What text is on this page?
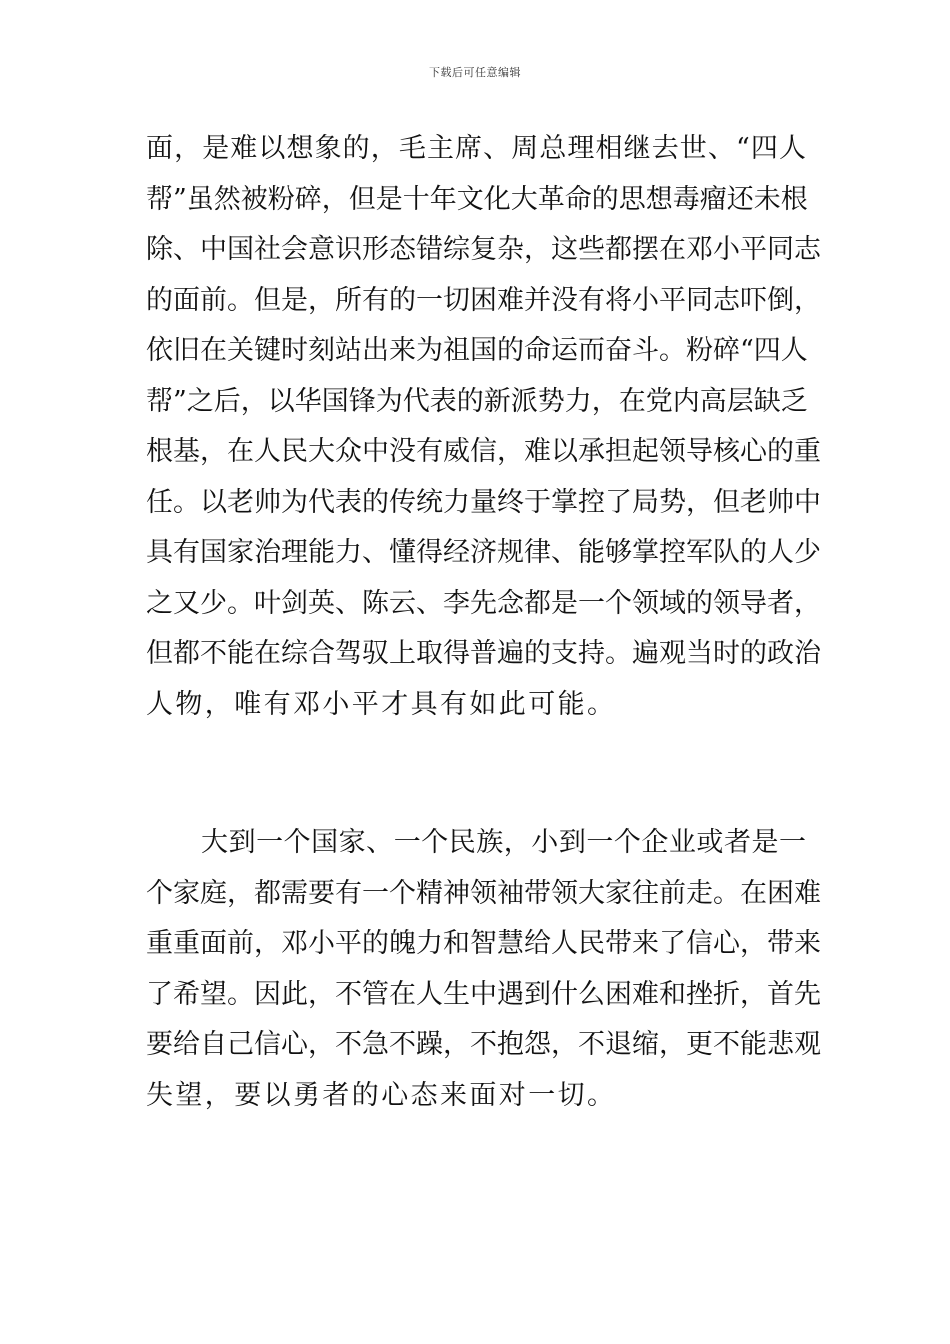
下载后可任意编辑
面，是难以想象的，毛主席、周总理相继去世、“四人
帮”虽然被粉碎，但是十年文化大革命的思想毒瘤还未根
除、中国社会意识形态错综复杂，这些都摆在邓小平同志
的面前。但是，所有的一切困难并没有将小平同志吓倒，
依旧在关键时刻站出来为祖国的命运而奋斗。粉碎“四人
帮”之后，以华国锋为代表的新派势力，在党内高层缺乏
根基，在人民大众中没有威信，难以承担起领导核心的重
任。以老帅为代表的传统力量终于掌控了局势，但老帅中
具有国家治理能力、懂得经济规律、能够掌控军队的人少
之又少。叶剑英、陈云、李先念都是一个领域的领导者，
但都不能在综合驾驭上取得普遍的支持。遍观当时的政治
人物，唯有邓小平才具有如此可能。
　　大到一个国家、一个民族，小到一个企业或者是一
个家庭，都需要有一个精神领袖带领大家往前走。在困难
重重面前，邓小平的魄力和智慧给人民带来了信心，带来
了希望。因此，不管在人生中遇到什么困难和挫折，首先
要给自己信心，不急不躁，不抱怨，不退缩，更不能悲观
失望，要以勇者的心态来面对一切。
